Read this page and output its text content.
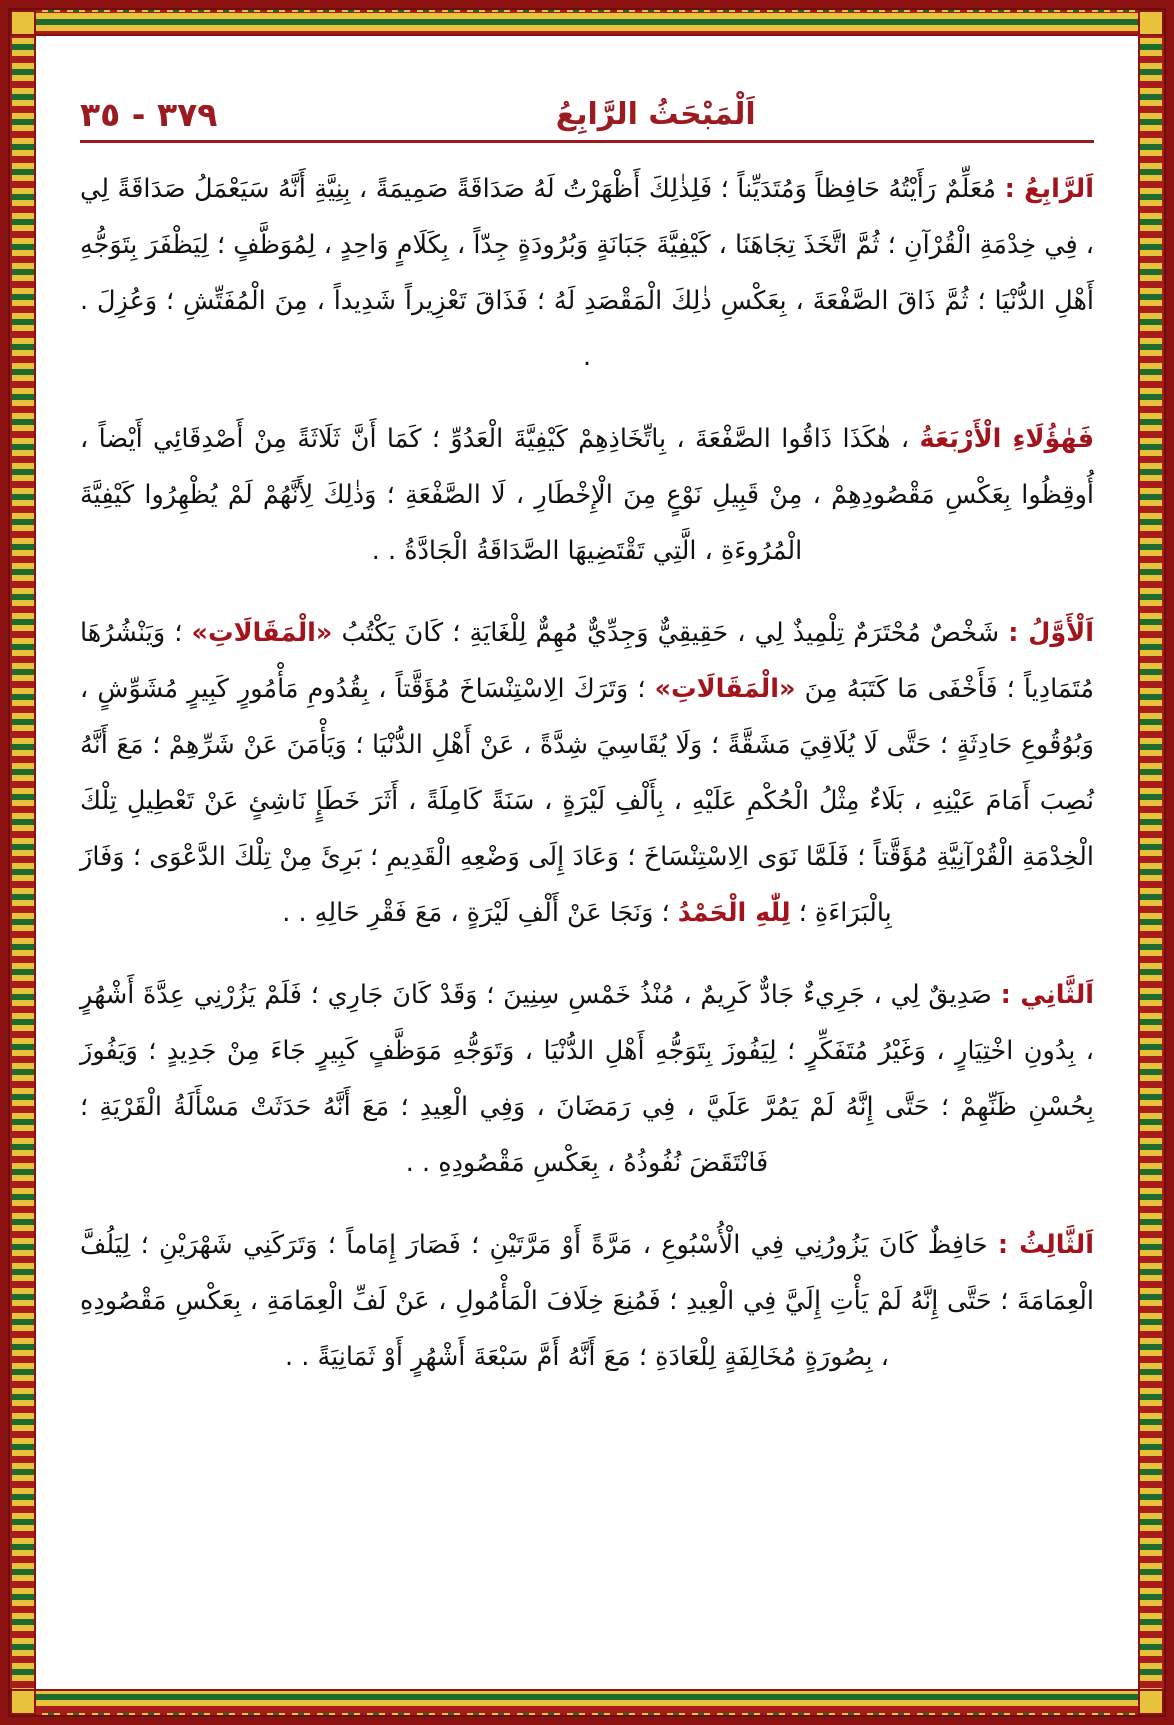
اَلْمَبْحَثُ الرَّابِعُ
٣٧٩ - ٣٥

اَلرَّابِعُ : مُعَلِّمٌ رَأَيْتُهُ حَافِظاً وَمُتَدَيِّناً ؛ فَلِذٰلِكَ أَظْهَرْتُ لَهُ صَدَاقَةً صَمِيمَةً ، بِنِيَّةِ أَنَّهُ سَيَعْمَلُ صَدَاقَةً لِي ، فِي خِدْمَةِ الْقُرْآنِ ؛ ثُمَّ اتَّخَذَ تِجَاهَنَا ، كَيْفِيَّةَ جَبَانَةٍ وَبُرُودَةٍ جِدّاً ، بِكَلَامٍ وَاحِدٍ ، لِمُوَظَّفٍ ؛ لِيَظْفَرَ بِتَوَجُّهِ أَهْلِ الدُّنْيَا ؛ ثُمَّ ذَاقَ الصَّفْعَةَ ، بِعَكْسِ ذٰلِكَ الْمَقْصَدِ لَهُ ؛ فَذَاقَ تَعْزِيراً شَدِيداً ، مِنَ الْمُفَتِّشِ ؛ وَعُزِلَ . .

فَهٰؤُلَاءِ الْأَرْبَعَةُ ، هٰكَذَا ذَاقُوا الصَّفْعَةَ ، بِاتِّخَاذِهِمْ كَيْفِيَّةَ الْعَدُوِّ ؛ كَمَا أَنَّ ثَلَاثَةً مِنْ أَصْدِقَائِي أَيْضاً ، أُوقِظُوا بِعَكْسِ مَقْصُودِهِمْ ، مِنْ قَبِيلِ نَوْعٍ مِنَ الْإِخْطَارِ ، لَا الصَّفْعَةِ ؛ وَذٰلِكَ لِأَنَّهُمْ لَمْ يُظْهِرُوا كَيْفِيَّةَ الْمُرُوءَةِ ، الَّتِي تَقْتَضِيهَا الصَّدَاقَةُ الْجَادَّةُ . .

اَلْأَوَّلُ : شَخْصٌ مُحْتَرَمٌ تِلْمِيذٌ لِي ، حَقِيقِيٌّ وَجِدِّيٌّ مُهِمٌّ لِلْغَايَةِ ؛ كَانَ يَكْتُبُ «الْمَقَالَاتِ» ؛ وَيَنْشُرُهَا مُتَمَادِياً ؛ فَأَخْفَى مَا كَتَبَهُ مِنَ «الْمَقَالَاتِ» ؛ وَتَرَكَ الِاسْتِنْسَاخَ مُؤَقَّتاً ، بِقُدُومِ مَأْمُورٍ كَبِيرٍ مُشَوِّشٍ ، وَبُوُقُوعِ حَادِثَةٍ ؛ حَتَّى لَا يُلَاقِيَ مَشَقَّةً ؛ وَلَا يُقَاسِيَ شِدَّةً ، عَنْ أَهْلِ الدُّنْيَا ؛ وَيَأْمَنَ عَنْ شَرِّهِمْ ؛ مَعَ أَنَّهُ نُصِبَ أَمَامَ عَيْنِهِ ، بَلَاءٌ مِثْلُ الْحُكْمِ عَلَيْهِ ، بِأَلْفِ لَيْرَةٍ ، سَنَةً كَامِلَةً ، أَثَرَ خَطَإٍ نَاشِئٍ عَنْ تَعْطِيلِ تِلْكَ الْخِدْمَةِ الْقُرْآنِيَّةِ مُؤَقَّتاً ؛ فَلَمَّا نَوَى الِاسْتِنْسَاخَ ؛ وَعَادَ إِلَى وَضْعِهِ الْقَدِيمِ ؛ بَرِئَ مِنْ تِلْكَ الدَّعْوَى ؛ وَفَازَ بِالْبَرَاءَةِ ؛ لِلّٰهِ الْحَمْدُ ؛ وَنَجَا عَنْ أَلْفِ لَيْرَةٍ ، مَعَ فَقْرِ حَالِهِ . .

اَلثَّانِي : صَدِيقٌ لِي ، جَرِيءٌ جَادٌّ كَرِيمٌ ، مُنْذُ خَمْسِ سِنِينَ ؛ وَقَدْ كَانَ جَارِي ؛ فَلَمْ يَزُرْنِي عِدَّةَ أَشْهُرٍ ، بِدُونِ اخْتِيَارٍ ، وَغَيْرُ مُتَفَكِّرٍ ؛ لِيَفُوزَ بِتَوَجُّهِ أَهْلِ الدُّنْيَا ، وَتَوَجُّهِ مَوَظَّفٍ كَبِيرٍ جَاءَ مِنْ جَدِيدٍ ؛ وَيَفُوزَ بِحُسْنِ ظَنِّهِمْ ؛ حَتَّى إِنَّهُ لَمْ يَمُرَّ عَلَيَّ ، فِي رَمَضَانَ ، وَفِي الْعِيدِ ؛ مَعَ أَنَّهُ حَدَثَتْ مَسْأَلَةُ الْقَرْيَةِ ؛ فَانْتَقَضَ نُفُوذُهُ ، بِعَكْسِ مَقْصُودِهِ . .

اَلثَّالِثُ : حَافِظٌ كَانَ يَزُورُنِي فِي الْأُسْبُوعِ ، مَرَّةً أَوْ مَرَّتَيْنِ ؛ فَصَارَ إِمَاماً ؛ وَتَرَكَنِي شَهْرَيْنِ ؛ لِيَلُفَّ الْعِمَامَةَ ؛ حَتَّى إِنَّهُ لَمْ يَأْتِ إِلَيَّ فِي الْعِيدِ ؛ فَمُنِعَ خِلَافَ الْمَأْمُولِ ، عَنْ لَفِّ الْعِمَامَةِ ، بِعَكْسِ مَقْصُودِهِ ، بِصُورَةٍ مُخَالِفَةٍ لِلْعَادَةِ ؛ مَعَ أَنَّهُ أَمَّ سَبْعَةَ أَشْهُرٍ أَوْ ثَمَانِيَةً . .
